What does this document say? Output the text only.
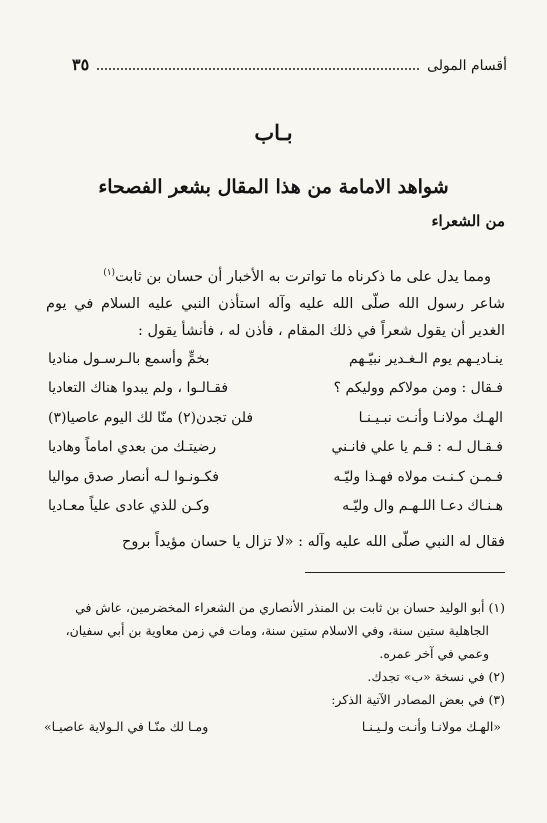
أقسام المولى
٣٥
بـاب
شواهد الامامة من هذا المقال بشعر الفصحاء
من الشعراء

ومما يدل على ما ذكرناه ما تواترت به الأخبار أن حسان بن ثابت$^{(١)}$

شاعر رسول الله صلّى الله عليه وآله استأذن النبي عليه السلام في يوم الغدير أن يقول شعراً في ذلك المقام ، فأذن له ، فأنشأ يقول :

ينـاديـهم يوم الـغـدير نبيّـهم
بخمٍّ وأسمع بالـرسـول مناديا
فـقال : ومن مولاكم ووليكم ؟
فقـالـوا ، ولم يبدوا هناك التعاديا
الهـك مولانـا وأنـت نبـيـنـا
فلن تجدن(٢) منّا لك اليوم عاصيا(٣)
فـقـال لـه : قـم يا علي فانـني
رضيتـك من بعدي اماماً وهاديا
فـمـن كـنـت مولاه فهـذا وليّـه
فكـونـوا لـه أنصار صدق مواليا
هـنـاك دعـا اللـهـم وال وليّـه
وكـن للذي عادى علياً معـاديا
فقال له النبي صلّى الله عليه وآله : «لا تزال يا حسان مؤيداً بروح

(١) أبو الوليد حسان بن ثابت بن المنذر الأنصاري من الشعراء المخضرمين، عاش في

الجاهلية ستين سنة، وفي الاسلام ستين سنة، ومات في زمن معاوية بن أبي سفيان،

وعمي في آخر عمره.

(٢) في نسخة «ب» تجدك.

(٣) في بعض المصادر الآتية الذكر:

«الهـك مولانـا وأنـت ولـيـنـا
ومـا لك منّـا في الـولاية عاصيـا»
